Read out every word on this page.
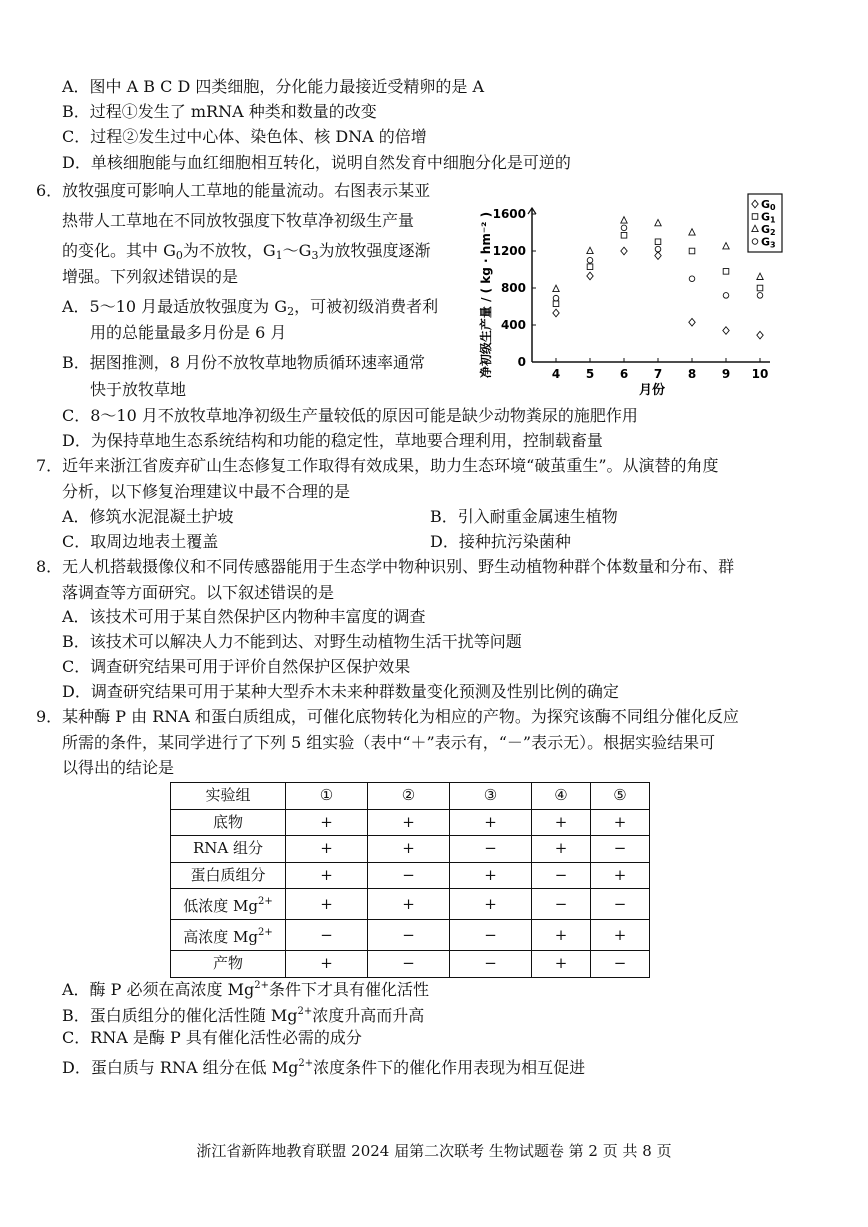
A．图中 A B C D 四类细胞，分化能力最接近受精卵的是 A
B．过程①发生了 mRNA 种类和数量的改变
C．过程②发生过中心体、染色体、核 DNA 的倍增
D．单核细胞能与血红细胞相互转化，说明自然发育中细胞分化是可逆的
6．放牧强度可影响人工草地的能量流动。右图表示某亚
热带人工草地在不同放牧强度下牧草净初级生产量
的变化。其中 $G_0$为不放牧，$G_1\sim G_3$为放牧强度逐渐
增强。下列叙述错误的是
A．5～10 月最适放牧强度为 $G_2$，可被初级消费者利
用的总能量最多月份是 6 月
B．据图推测，8 月份不放牧草地物质循环速率通常
快于放牧草地
C．8～10 月不放牧草地净初级生产量较低的原因可能是缺少动物粪尿的施肥作用
D．为保持草地生态系统结构和功能的稳定性，草地要合理利用，控制载畜量
0
400
800
1200
1600
4 5 6 7 8 9 10
月份
净初级生产量 / ( kg · hm⁻² )
G0
G1
G2
G3
7．近年来浙江省废弃矿山生态修复工作取得有效成果，助力生态环境“破茧重生”。从演替的角度
分析，以下修复治理建议中最不合理的是
A．修筑水泥混凝土护坡	B．引入耐重金属速生植物
C．取周边地表土覆盖	D．接种抗污染菌种
8．无人机搭载摄像仪和不同传感器能用于生态学中物种识别、野生动植物种群个体数量和分布、群
落调查等方面研究。以下叙述错误的是
A．该技术可用于某自然保护区内物种丰富度的调查
B．该技术可以解决人力不能到达、对野生动植物生活干扰等问题
C．调查研究结果可用于评价自然保护区保护效果
D．调查研究结果可用于某种大型乔木未来种群数量变化预测及性别比例的确定
9．某种酶 P 由 RNA 和蛋白质组成，可催化底物转化为相应的产物。为探究该酶不同组分催化反应
所需的条件，某同学进行了下列 5 组实验（表中“＋”表示有，“－”表示无）。根据实验结果可
以得出的结论是
实验组	①	②	③	④	⑤
底物	+	+	+	+	+
RNA 组分	+	+	−	+	−
蛋白质组分	+	−	+	−	+
低浓度 $Mg^{2+}$	+	+	+	−	−
高浓度 $Mg^{2+}$	−	−	−	+	+
产物	+	−	−	+	−
A．酶 P 必须在高浓度 $Mg^{2+}$条件下才具有催化活性
B．蛋白质组分的催化活性随 $Mg^{2+}$浓度升高而升高
C．RNA 是酶 P 具有催化活性必需的成分
D．蛋白质与 RNA 组分在低 $Mg^{2+}$浓度条件下的催化作用表现为相互促进
浙江省新阵地教育联盟 2024 届第二次联考 生物试题卷 第 2 页 共 8 页
